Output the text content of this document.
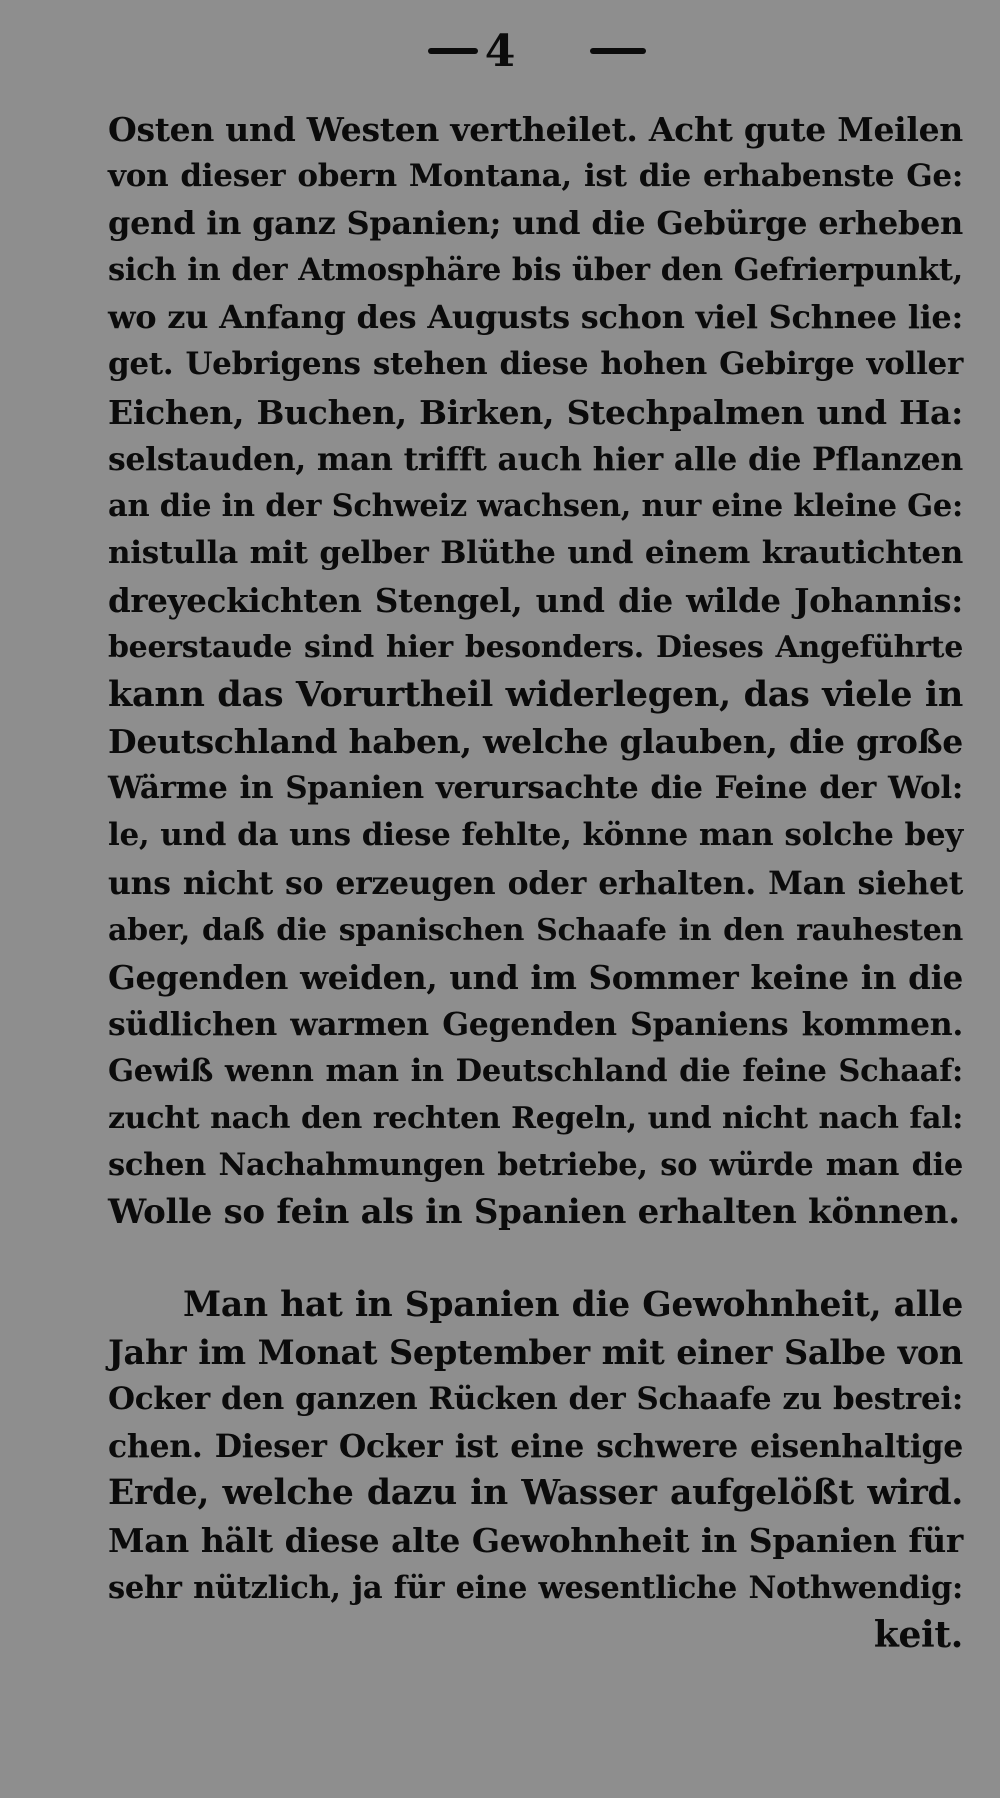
4
Osten und Westen vertheilet. Acht gute Meilen
von dieser obern Montana, ist die erhabenste Ge:
gend in ganz Spanien; und die Gebürge erheben
sich in der Atmosphäre bis über den Gefrierpunkt,
wo zu Anfang des Augusts schon viel Schnee lie:
get. Uebrigens stehen diese hohen Gebirge voller
Eichen, Buchen, Birken, Stechpalmen und Ha:
selstauden, man trifft auch hier alle die Pflanzen
an die in der Schweiz wachsen, nur eine kleine Ge:
nistulla mit gelber Blüthe und einem krautichten
dreyeckichten Stengel, und die wilde Johannis:
beerstaude sind hier besonders. Dieses Angeführte
kann das Vorurtheil widerlegen, das viele in
Deutschland haben, welche glauben, die große
Wärme in Spanien verursachte die Feine der Wol:
le, und da uns diese fehlte, könne man solche bey
uns nicht so erzeugen oder erhalten. Man siehet
aber, daß die spanischen Schaafe in den rauhesten
Gegenden weiden, und im Sommer keine in die
südlichen warmen Gegenden Spaniens kommen.
Gewiß wenn man in Deutschland die feine Schaaf:
zucht nach den rechten Regeln, und nicht nach fal:
schen Nachahmungen betriebe, so würde man die
Wolle so fein als in Spanien erhalten können.
Man hat in Spanien die Gewohnheit, alle
Jahr im Monat September mit einer Salbe von
Ocker den ganzen Rücken der Schaafe zu bestrei:
chen. Dieser Ocker ist eine schwere eisenhaltige
Erde, welche dazu in Wasser aufgelößt wird.
Man hält diese alte Gewohnheit in Spanien für
sehr nützlich, ja für eine wesentliche Nothwendig:
keit.
